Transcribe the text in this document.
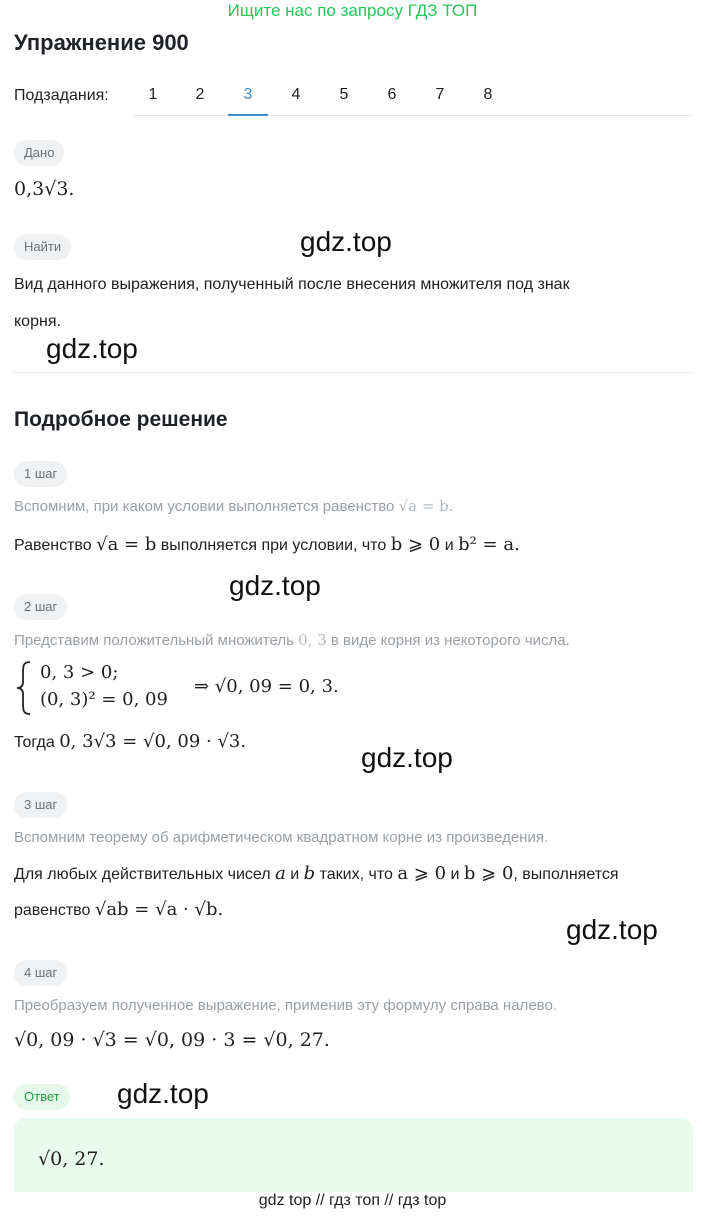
Ищите нас по запросу ГДЗ ТОП
Упражнение 900
Подзадания:	1	2	3	4	5	6	7	8
Дано
0,3√3.
Найти
Вид данного выражения, полученный после внесения множителя под знак
корня.
gdz.top
gdz.top
Подробное решение
1 шаг
Вспомним, при каком условии выполняется равенство √a = b.
Равенство √a = b выполняется при условии, что b ⩾ 0 и b² = a.
gdz.top
2 шаг
Представим положительный множитель 0, 3 в виде корня из некоторого числа.
0, 3 > 0;
(0, 3)² = 0, 09
⇒ √0, 09 = 0, 3.
Тогда 0, 3√3 = √0, 09 · √3.
gdz.top
3 шаг
Вспомним теорему об арифметическом квадратном корне из произведения.
Для любых действительных чисел a и b таких, что a ⩾ 0 и b ⩾ 0, выполняется
равенство √ab = √a · √b.
gdz.top
4 шаг
Преобразуем полученное выражение, применив эту формулу справа налево.
√0, 09 · √3 = √0, 09 · 3 = √0, 27.
Ответ	gdz.top
√0, 27.
gdz top // гдз топ // гдз top
